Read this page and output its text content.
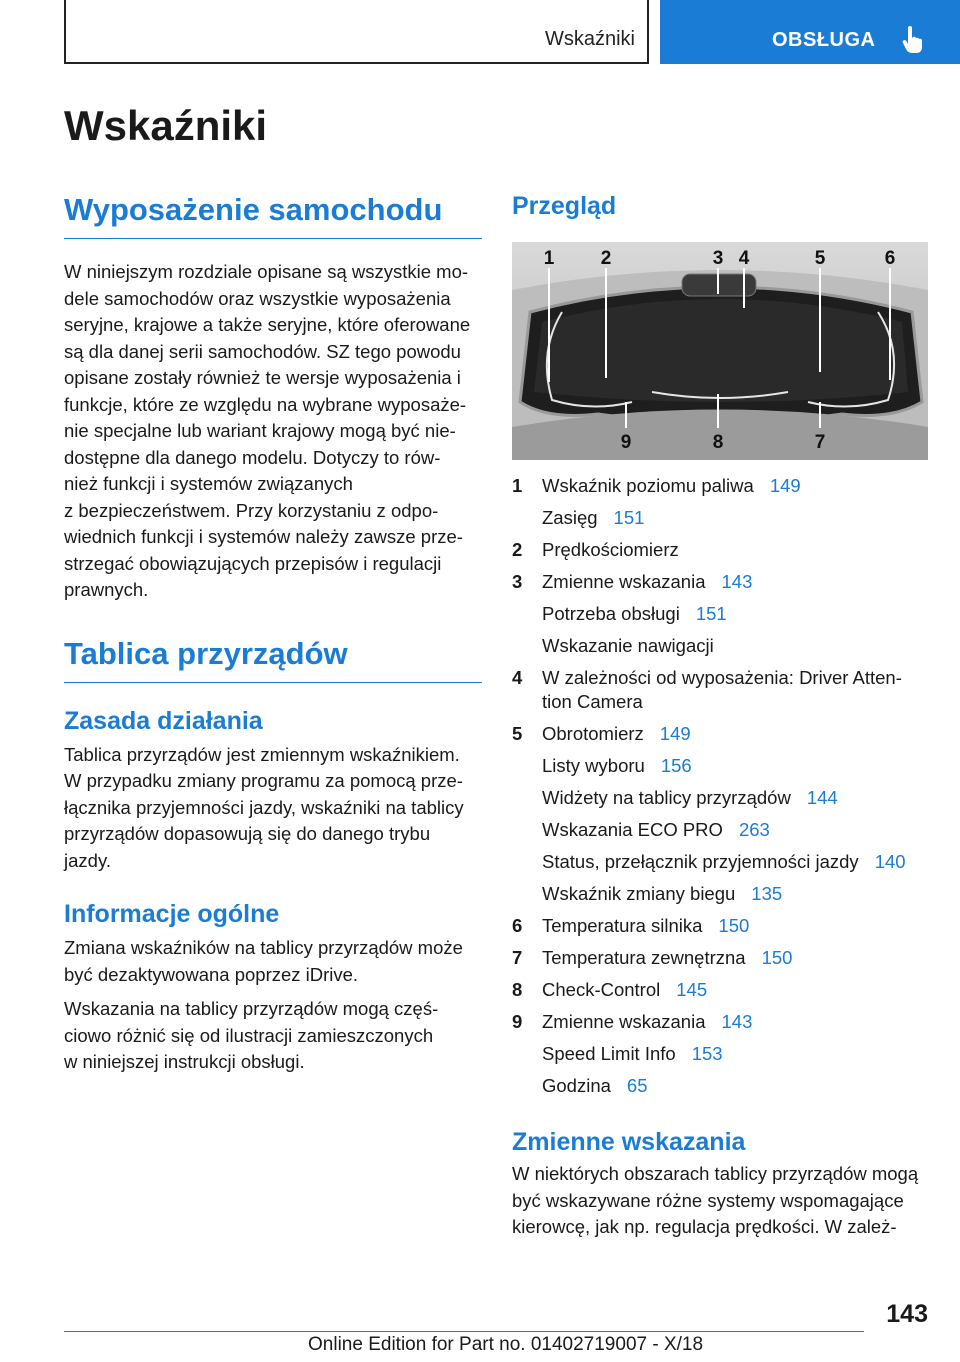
Wskaźniki	OBSŁUGA
Wskaźniki
Wyposażenie samochodu

W niniejszym rozdziale opisane są wszystkie mo-
dele samochodów oraz wszystkie wyposażenia
seryjne, krajowe a także seryjne, które oferowane
są dla danej serii samochodów. SZ tego powodu
opisane zostały również te wersje wyposażenia i
funkcje, które ze względu na wybrane wyposaże-
nie specjalne lub wariant krajowy mogą być nie-
dostępne dla danego modelu. Dotyczy to rów-
nież funkcji i systemów związanych
z bezpieczeństwem. Przy korzystaniu z odpo-
wiednich funkcji i systemów należy zawsze prze-
strzegać obowiązujących przepisów i regulacji
prawnych.

Tablica przyrządów
Zasada działania

Tablica przyrządów jest zmiennym wskaźnikiem.
W przypadku zmiany programu za pomocą prze-
łącznika przyjemności jazdy, wskaźniki na tablicy
przyrządów dopasowują się do danego trybu
jazdy.

Informacje ogólne

Zmiana wskaźników na tablicy przyrządów może
być dezaktywowana poprzez iDrive.

Wskazania na tablicy przyrządów mogą częś-
ciowo różnić się od ilustracji zamieszczonych
w niniejszej instrukcji obsługi.

Przegląd
1 2	3 4	5	6
9	8	7
1	Wskaźnik poziomu paliwa 149
Zasięg 151
2	Prędkościomierz
3	Zmienne wskazania 143
Potrzeba obsługi 151
Wskazanie nawigacji
4	W zależności od wyposażenia: Driver Atten-
tion Camera
5	Obrotomierz 149
Listy wyboru 156
Widżety na tablicy przyrządów 144
Wskazania ECO PRO 263
Status, przełącznik przyjemności jazdy 140
Wskaźnik zmiany biegu 135
6	Temperatura silnika 150
7	Temperatura zewnętrzna 150
8	Check-Control 145
9	Zmienne wskazania 143
Speed Limit Info 153
Godzina 65
Zmienne wskazania

W niektórych obszarach tablicy przyrządów mogą
być wskazywane różne systemy wspomagające
kierowcę, jak np. regulacja prędkości. W zależ-

143
Online Edition for Part no. 01402719007 - X/18
